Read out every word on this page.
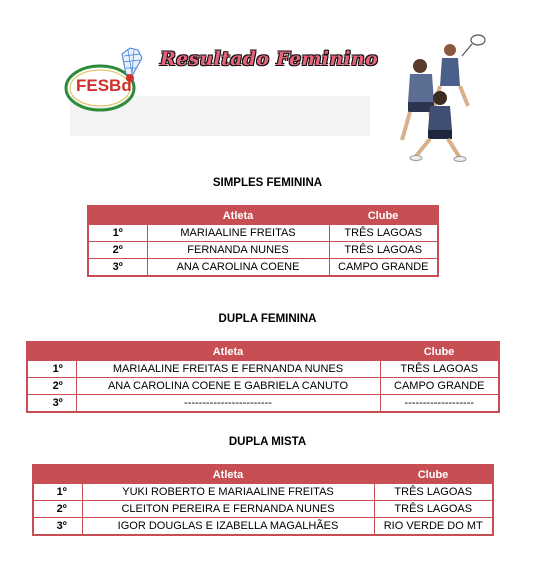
FESBd
Resultado Feminino
SIMPLES FEMININA
	Atleta	Clube
1º	MARIAALINE FREITAS	TRÊS LAGOAS
2º	FERNANDA NUNES	TRÊS LAGOAS
3º	ANA CAROLINA COENE	CAMPO GRANDE
DUPLA FEMININA
	Atleta	Clube
1º	MARIAALINE FREITAS E FERNANDA NUNES	TRÊS LAGOAS
2º	ANA CAROLINA COENE E GABRIELA CANUTO	CAMPO GRANDE
3º	------------------------	-------------------
DUPLA MISTA
	Atleta	Clube
1º	YUKI ROBERTO E MARIAALINE FREITAS	TRÊS LAGOAS
2º	CLEITON PEREIRA E FERNANDA NUNES	TRÊS LAGOAS
3º	IGOR DOUGLAS E IZABELLA MAGALHÃES	RIO VERDE DO MT
